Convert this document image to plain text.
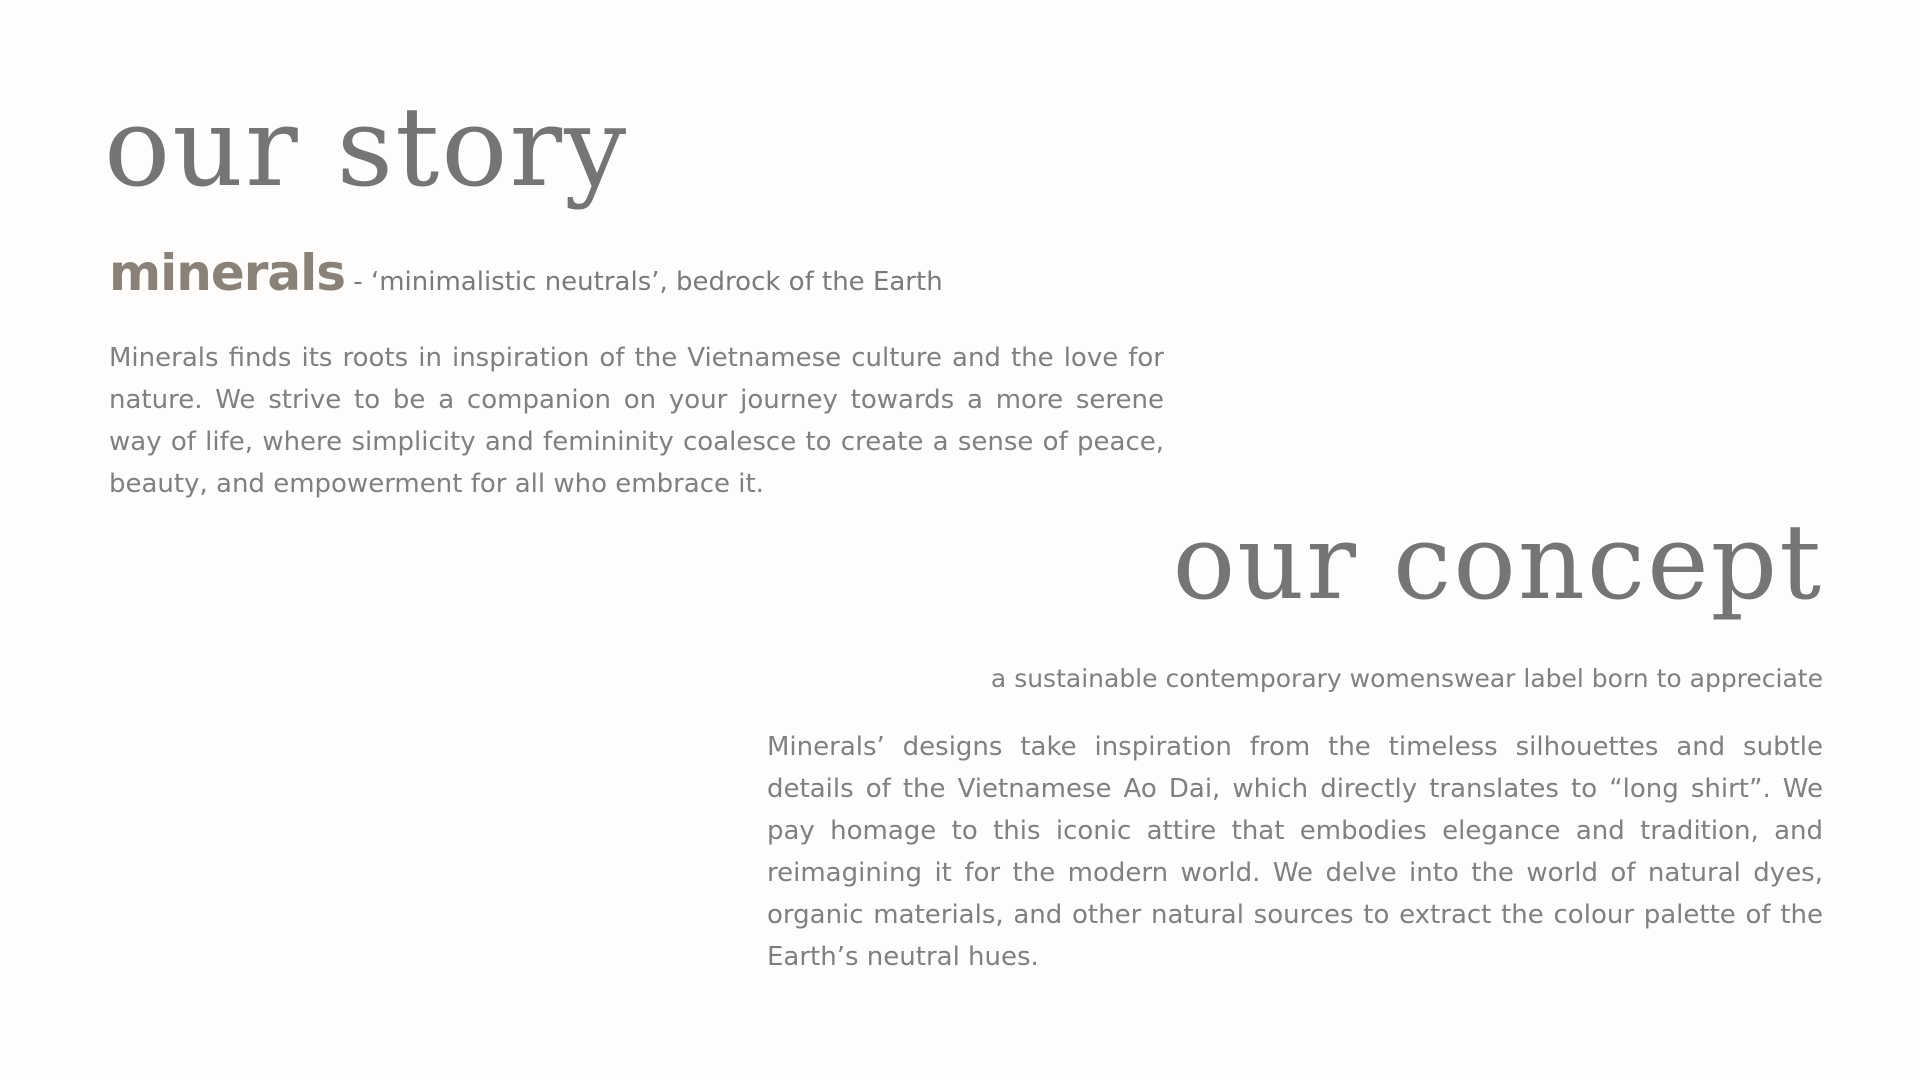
our story
minerals - ‘minimalistic neutrals’, bedrock of the Earth

Minerals finds its roots in inspiration of the Vietnamese culture and the love for nature. We strive to be a companion on your journey towards a more serene way of life, where simplicity and femininity coalesce to create a sense of peace, beauty, and empowerment for all who embrace it.

our concept

a sustainable contemporary womenswear label born to appreciate

Minerals’ designs take inspiration from the timeless silhouettes and subtle details of the Vietnamese Ao Dai, which directly translates to “long shirt”. We pay homage to this iconic attire that embodies elegance and tradition, and reimagining it for the modern world. We delve into the world of natural dyes, organic materials, and other natural sources to extract the colour palette of the Earth’s neutral hues.
